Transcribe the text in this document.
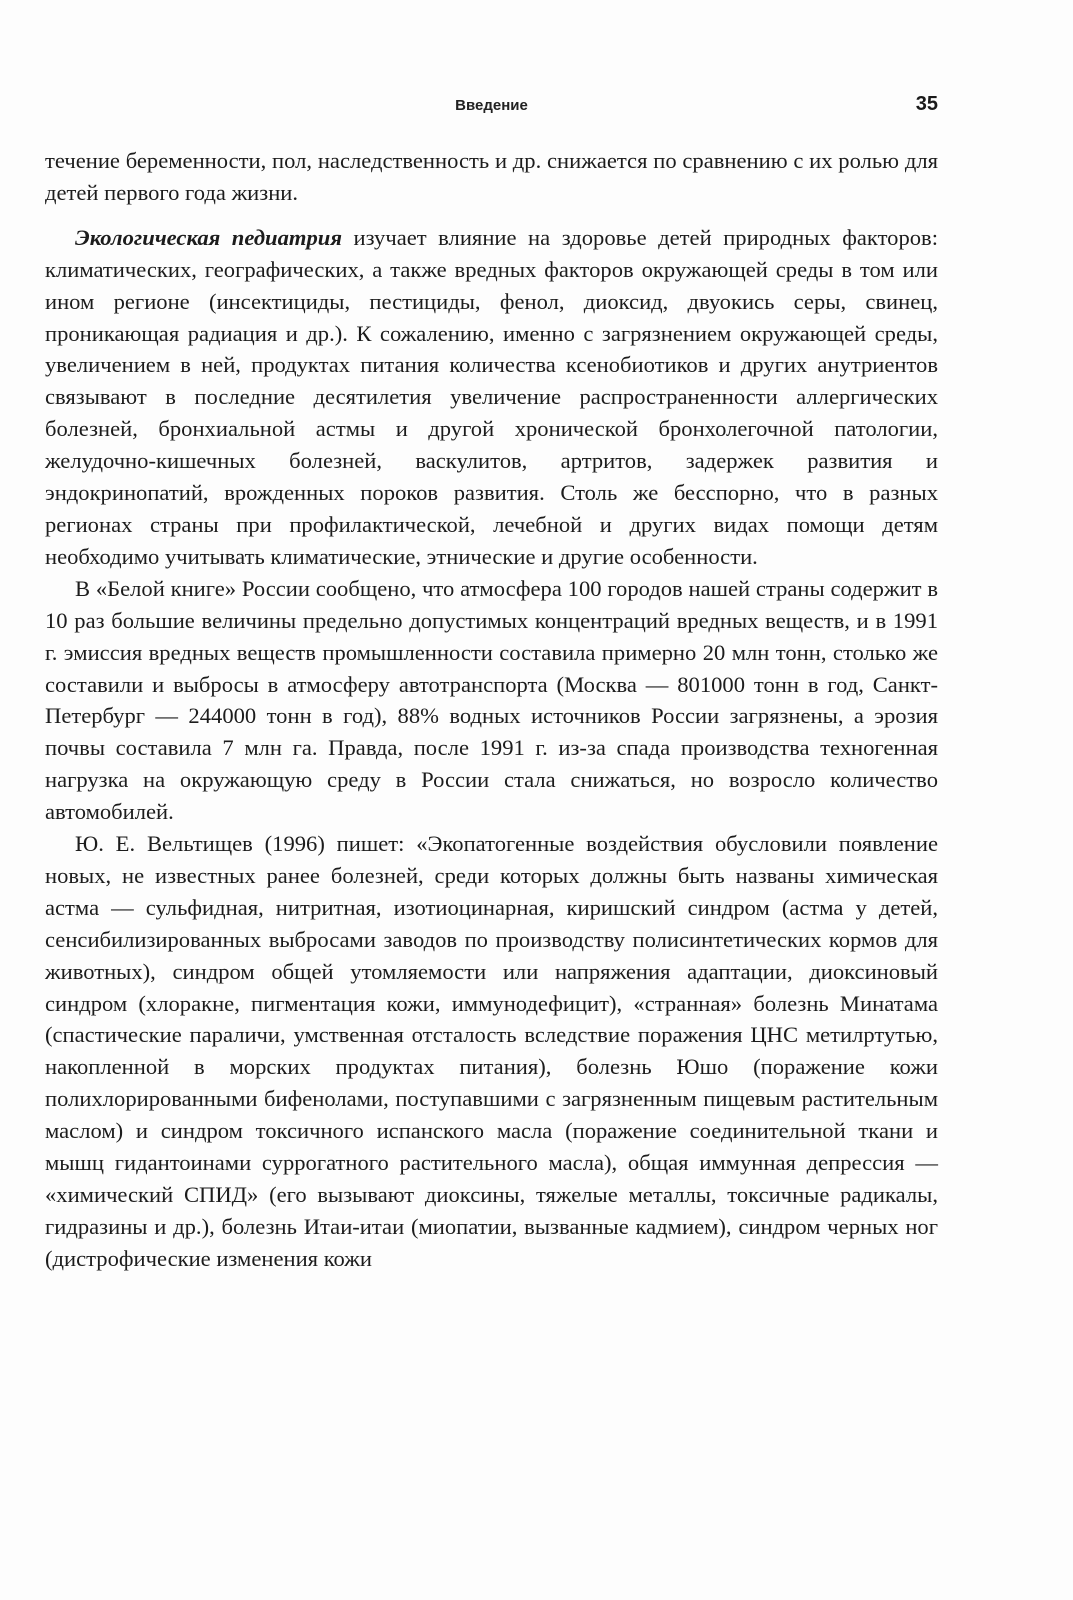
Введение	35

течение беременности, пол, наследственность и др. снижается по сравнению с их ролью для детей первого года жизни.

Экологическая педиатрия изучает влияние на здоровье детей природных факторов: климатических, географических, а также вредных факторов окружающей среды в том или ином регионе (инсектициды, пестициды, фенол, диоксид, двуокись серы, свинец, проникающая радиация и др.). К сожалению, именно с загрязнением окружающей среды, увеличением в ней, продуктах питания количества ксенобиотиков и других анутриентов связывают в последние десятилетия увеличение распространенности аллергических болезней, бронхиальной астмы и другой хронической бронхолегочной патологии, желудочно-кишечных болезней, васкулитов, артритов, задержек развития и эндокринопатий, врожденных пороков развития. Столь же бесспорно, что в разных регионах страны при профилактической, лечебной и других видах помощи детям необходимо учитывать климатические, этнические и другие особенности.

В «Белой книге» России сообщено, что атмосфера 100 городов нашей страны содержит в 10 раз большие величины предельно допустимых концентраций вредных веществ, и в 1991 г. эмиссия вредных веществ промышленности составила примерно 20 млн тонн, столько же составили и выбросы в атмосферу автотранспорта (Москва — 801000 тонн в год, Санкт-Петербург — 244000 тонн в год), 88% водных источников России загрязнены, а эрозия почвы составила 7 млн га. Правда, после 1991 г. из-за спада производства техногенная нагрузка на окружающую среду в России стала снижаться, но возросло количество автомобилей.

Ю. Е. Вельтищев (1996) пишет: «Экопатогенные воздействия обусловили появление новых, не известных ранее болезней, среди которых должны быть названы химическая астма — сульфидная, нитритная, изотиоцинарная, киришский синдром (астма у детей, сенсибилизированных выбросами заводов по производству полисинтетических кормов для животных), синдром общей утомляемости или напряжения адаптации, диоксиновый синдром (хлоракне, пигментация кожи, иммунодефицит), «странная» болезнь Минатама (спастические параличи, умственная отсталость вследствие поражения ЦНС метилртутью, накопленной в морских продуктах питания), болезнь Юшо (поражение кожи полихлорированными бифенолами, поступавшими с загрязненным пищевым растительным маслом) и синдром токсичного испанского масла (поражение соединительной ткани и мышц гидантоинами суррогатного растительного масла), общая иммунная депрессия — «химический СПИД» (его вызывают диоксины, тяжелые металлы, токсичные радикалы, гидразины и др.), болезнь Итаи-итаи (миопатии, вызванные кадмием), синдром черных ног (дистрофические изменения кожи
